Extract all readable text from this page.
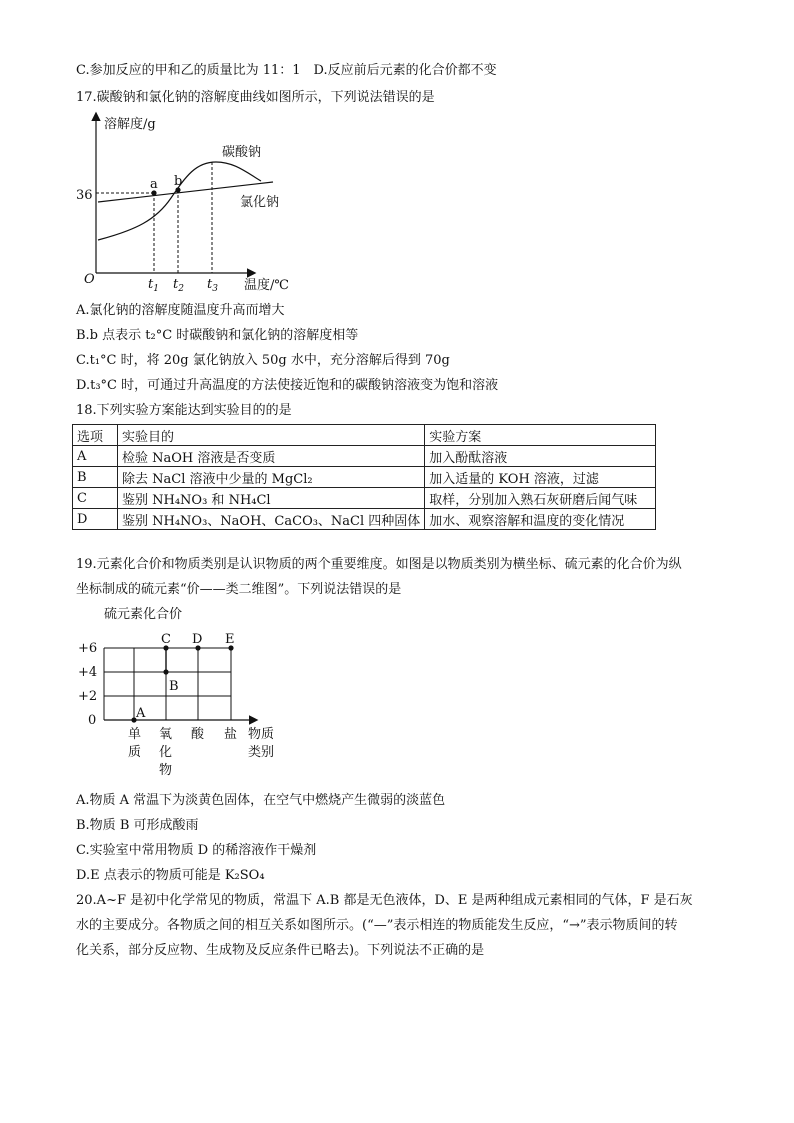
C.参加反应的甲和乙的质量比为 11：1　D.反应前后元素的化合价都不变
17.碳酸钠和氯化钠的溶解度曲线如图所示，下列说法错误的是
溶解度/g
温度/℃
O
36
a b
碳酸钠
氯化钠
$t_1$ $t_2$ $t_3$
A.氯化钠的溶解度随温度升高而增大
B.b 点表示 t₂°C 时碳酸钠和氯化钠的溶解度相等
C.t₁°C 时，将 20g 氯化钠放入 50g 水中，充分溶解后得到 70g
D.t₃°C 时，可通过升高温度的方法使接近饱和的碳酸钠溶液变为饱和溶液
18.下列实验方案能达到实验目的的是
选项	实验目的	实验方案
A	检验 NaOH 溶液是否变质	加入酚酞溶液
B	除去 NaCl 溶液中少量的 MgCl₂	加入适量的 KOH 溶液，过滤
C	鉴别 NH₄NO₃ 和 NH₄Cl	取样，分别加入熟石灰研磨后闻气味
D	鉴别 NH₄NO₃、NaOH、CaCO₃、NaCl 四种固体	加水、观察溶解和温度的变化情况
19.元素化合价和物质类别是认识物质的两个重要维度。如图是以物质类别为横坐标、硫元素的化合价为纵
坐标制成的硫元素“价——类二维图”。下列说法错误的是
硫元素化合价
+6
+4
+2
0	A
B
C D E
单 质
氧 化 物
酸 盐 物质 类别
A.物质 A 常温下为淡黄色固体，在空气中燃烧产生微弱的淡蓝色
B.物质 B 可形成酸雨
C.实验室中常用物质 D 的稀溶液作干燥剂
D.E 点表示的物质可能是 K₂SO₄
20.A~F 是初中化学常见的物质，常温下 A.B 都是无色液体，D、E 是两种组成元素相同的气体，F 是石灰
水的主要成分。各物质之间的相互关系如图所示。(“—”表示相连的物质能发生反应，“→”表示物质间的转
化关系，部分反应物、生成物及反应条件已略去)。下列说法不正确的是
